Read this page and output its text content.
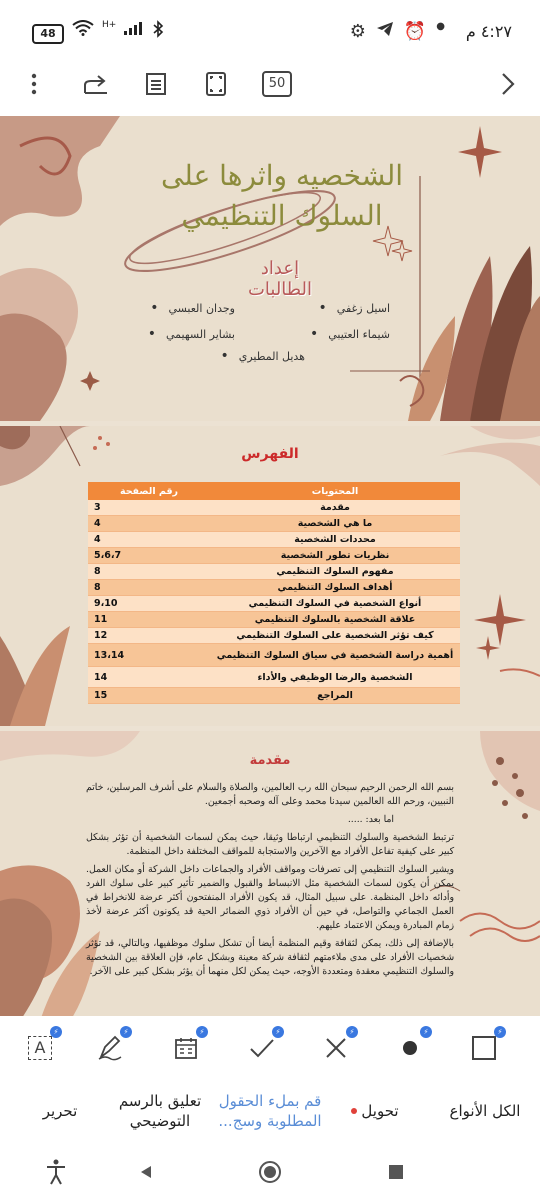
48
H+	⚙ ⏰ ● ٤:٢٧ م
50
الشخصيه واثرها على
السلوك التنظيمي
إعداد الطالبات
اسيل زغفي •
وجدان العبسي •
شيماء العتيبي •
بشاير السهيمي •
هديل المطيري •
الفهرس
المحتويات	رقم الصفحة
مقدمة	3
ما هي الشخصية	4
محددات الشخصية	4
نظريات تطور الشخصية	5،6،7
مفهوم السلوك التنظيمي	8
أهداف السلوك التنظيمي	8
أنواع الشخصية في السلوك التنظيمي	9،10
علاقة الشخصية بالسلوك التنظيمي	11
كيف تؤثر الشخصية على السلوك التنظيمي	12
أهمية دراسة الشخصية في سياق السلوك التنظيمي	13،14
الشخصية والرضا الوظيفي والأداء	14
المراجع	15
مقدمة

بسم الله الرحمن الرحيم سبحان الله رب العالمين، والصلاة والسلام على أشرف المرسلين، خاتم النبيين، ورحم الله العالمين سيدنا محمد وعلى آله وصحبه أجمعين.

اما بعد: .....

ترتبط الشخصية والسلوك التنظيمي ارتباطا وثيقا، حيث يمكن لسمات الشخصية أن تؤثر بشكل كبير على كيفية تفاعل الأفراد مع الآخرين والاستجابة للمواقف المختلفة داخل المنظمة.

ويشير السلوك التنظيمي إلى تصرفات ومواقف الأفراد والجماعات داخل الشركة أو مكان العمل. يمكن أن يكون لسمات الشخصية مثل الانبساط والقبول والضمير تأثير كبير على سلوك الفرد وأدائه داخل المنظمة. على سبيل المثال، قد يكون الأفراد المنفتحون أكثر عرضة للانخراط في العمل الجماعي والتواصل، في حين أن الأفراد ذوي الضمائر الحية قد يكونون أكثر عرضة لأخذ زمام المبادرة ويمكن الاعتماد عليهم.

بالإضافة إلى ذلك، يمكن لثقافة وقيم المنظمة أيضا أن تشكل سلوك موظفيها، وبالتالي، قد تؤثر شخصيات الأفراد على مدى ملاءمتهم لثقافة شركة معينة وبشكل عام، فإن العلاقة بين الشخصية والسلوك التنظيمي معقدة ومتعددة الأوجه، حيث يمكن لكل منهما أن يؤثر بشكل كبير على الآخر.

A
⚡	⚡	⚡	⚡	⚡	⚡	⚡
الكل الأنواع
تحويل
قم بملء الحقول المطلوبة وسج...
تعليق بالرسم التوضيحي
تحرير
